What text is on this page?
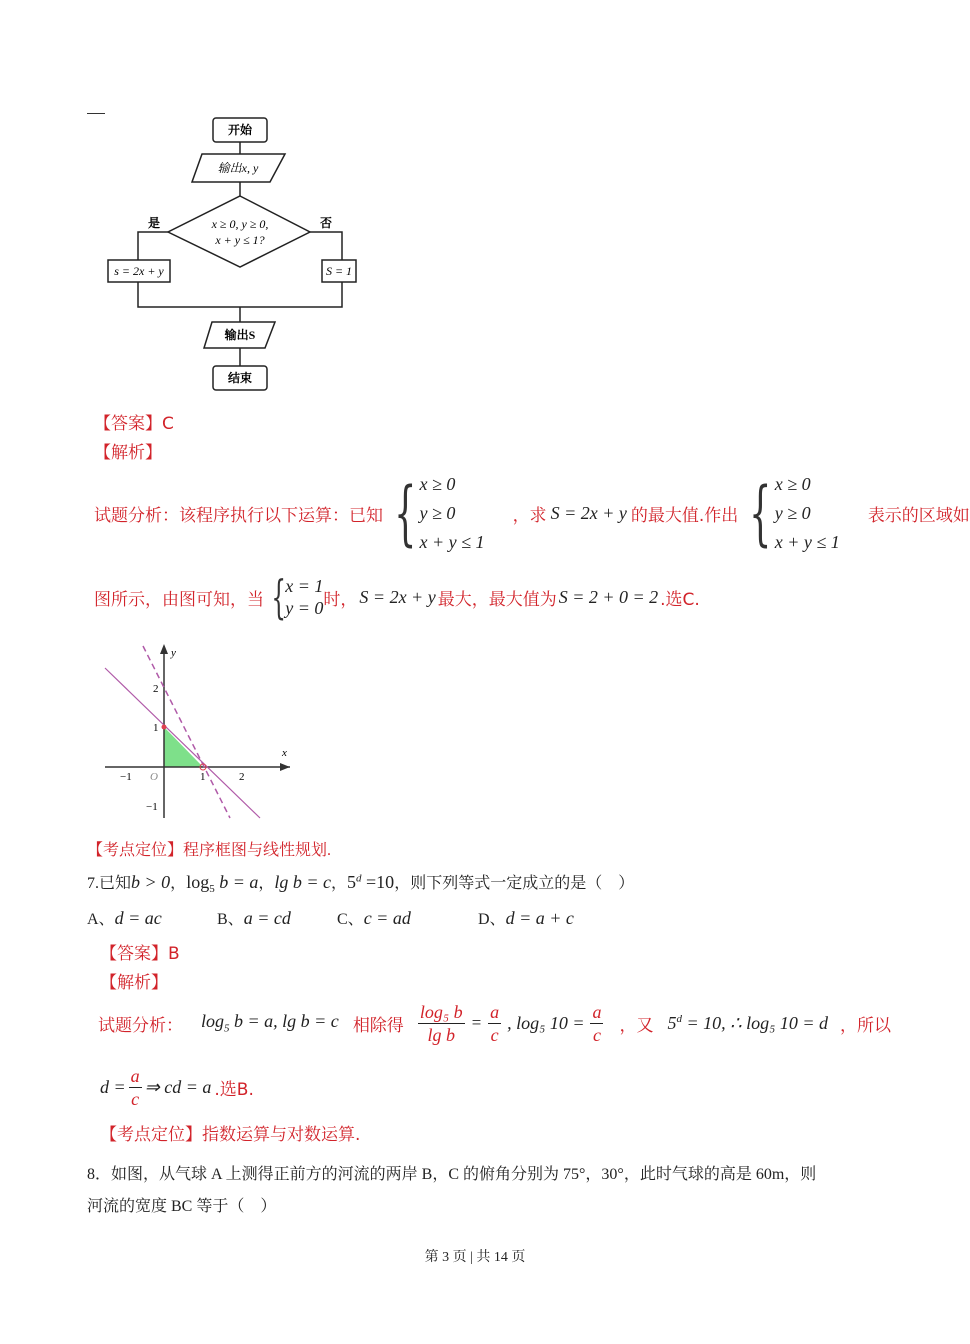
开始
输出x, y
x ≥ 0, y ≥ 0,
x + y ≤ 1?
是	否
s = 2x + y	S = 1
输出S
结束
【答案】C
【解析】
试题分析：该程序执行以下运算：已知 { x ≥ 0
y ≥ 0
x + y ≤ 1
，求 S = 2x + y 的最大值.作出 { x ≥ 0
y ≥ 0
x + y ≤ 1
表示的区域如
图所示，由图可知，当 { x = 1
y = 0 时， S = 2x + y 最大，最大值为 S = 2 + 0 = 2 .选C.
x
y
O
−1	1	2
2
1
−1
【考点定位】程序框图与线性规划.
7.已知b > 0，$\log_5 b = a$，lg b = c，$5^d =10$，则下列等式一定成立的是（　）
A、d = ac	B、a = cd	C、c = ad	D、d = a + c
【答案】B
【解析】
试题分析： $\log_5 b = a$, lg b = c 相除得 $\frac{\text{log₅ b}}{\text{lg b}} = \frac{a}{c}$ , log₅ $10 = \frac{a}{c}$ ，又 $5^d = 10$, ∴ log₅ 10 = d ，所以
$d = \frac{a}{c}$ ⇒ cd = a .选B.
【考点定位】指数运算与对数运算.
8．如图，从气球 A 上测得正前方的河流的两岸 B，C 的俯角分别为 75°，30°，此时气球的高是 60m，则
河流的宽度 BC 等于（　）
第 3 页 | 共 14 页
